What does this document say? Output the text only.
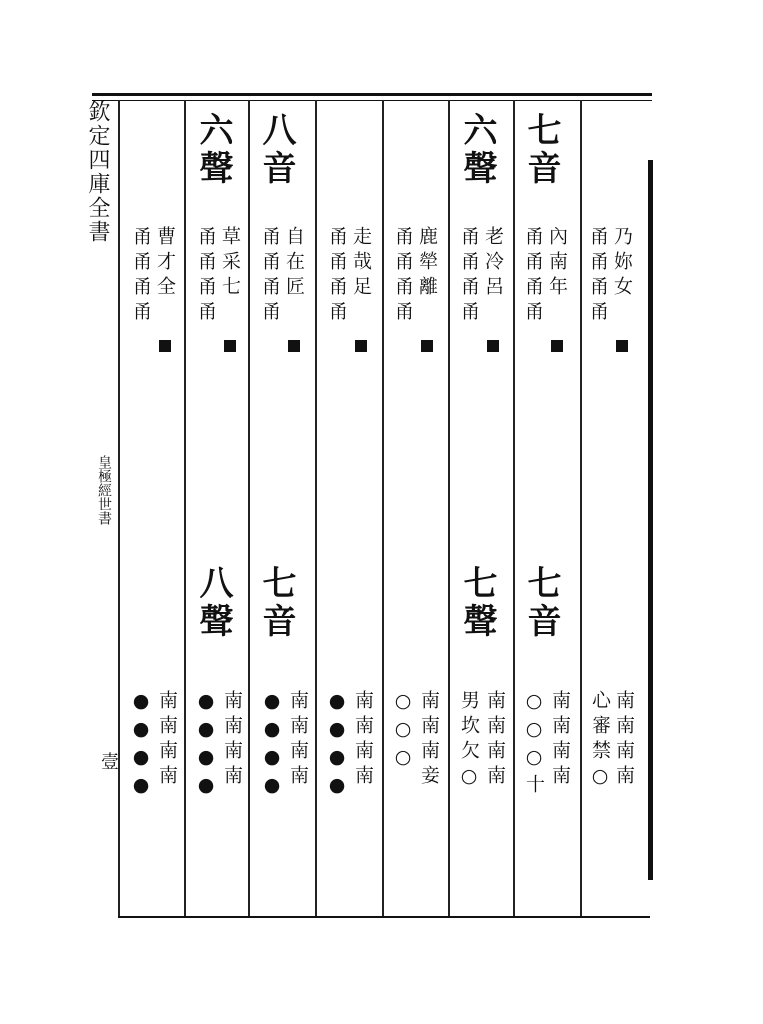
欽定四庫全書
皇極經世書
壹
七音
六聲
八音
六聲
七音
七聲
七音
八聲
乃妳女
甬甬甬甬
內南年
甬甬甬甬
老冷呂
甬甬甬甬
鹿犖離
甬甬甬甬
走哉足
甬甬甬甬
自在匠
甬甬甬甬
草采七
甬甬甬甬
曹才全
甬甬甬甬
南南南南
心審禁○
南南南南
○○○十
南南南南
男坎欠○
南南南妾
○○○
南南南南
●●●●
南南南南
●●●●
南南南南
●●●●
南南南南
●●●●
